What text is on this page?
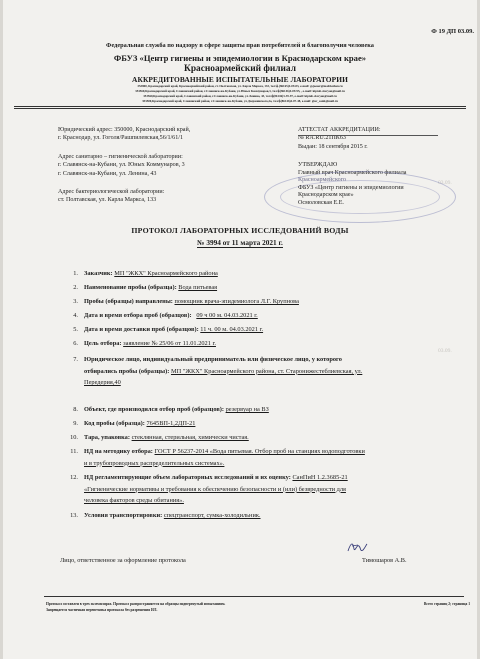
03.09.
03.09.
Ф 19 ДП 03.09.
Федеральная служба по надзору в сфере защиты прав потребителей и благополучия человека
ФБУЗ «Центр гигиены и эпидемиологии в Краснодарском крае»
Красноармейский филиал
АККРЕДИТОВАННЫЕ ИСПЫТАТЕЛЬНЫЕ ЛАБОРАТОРИИ
353800, Краснодарский край, Красноармейский район, ст. Полтавская, ул. Карла Маркса, 133, тел/ф.(86165)4-09-83, e-mail: gsjaeser@mail.kuban.ru
353560,Краснодарский край, Славянский район, г.Славянск-на-Кубани, ул.Юных Коммунаров,3, тел/ф(86146)4-09-95, , e-mail: kiptab-slavyan@mail.ru
353560,Краснодарский край, Славянский район, г.Славянск-на-Кубани, ул.Ленина, 43, тел/ф(86146)3-39-97, e-mail: kiptab-slavyan@mail.ru
353500,Краснодарский край, Славянский район, г.Славянск-на-Кубани, ул.Дзержинского,2а, тел/ф(86146)4-07-48, e-mail: glav_sanit@mail.ru
Юридический адрес: 350000, Краснодарский край,
г. Краснодар, ул. Гоголя/Рашпилевская,56/1/61/1
Адрес санитарно – гигиенической лаборатории:
г. Славянск-на-Кубани, ул. Юных Коммунаров, 3
г. Славянск-на-Кубани, ул. Ленина, 43
Адрес бактериологической лаборатории:
ст. Полтавская, ул. Карла Маркса, 133
АТТЕСТАТ АККРЕДИТАЦИИ:
№ RA.RU.21ПК63
Выдан: 18 сентября 2015 г.
УТВЕРЖДАЮ
Главный врач Красноармейского филиала
Красноармейского
ФБУЗ «Центр гигиены и эпидемиологии
Краснодарском крае»
Осмоловская Е.Е.
ПРОТОКОЛ ЛАБОРАТОРНЫХ ИССЛЕДОВАНИЙ ВОДЫ
№ 3994 от 11 марта 2021 г.
1. Заказчик: МП "ЖКХ" Красноармейского района
2. Наименование пробы (образца): Вода питьевая
3. Пробы (образцы) направлены: помощник врача-эпидемиолога Л.Г. Крупнова
4. Дата и время отбора проб (образцов): 09 ч 00 м. 04.03.2021 г.
5. Дата и время доставки проб (образцов): 11 ч. 00 м. 04.03.2021 г.
6. Цель отбора: заявление № 25/06 от 11.01.2021 г.
7. Юридическое лицо, индивидуальный предприниматель или физическое лицо, у которого
отбирались пробы (образцы): МП "ЖКХ" Красноармейского района, ст. Старонижестеблиевская, ул.
Передерия,40
8. Объект, где производился отбор проб (образцов): резервуар на ВЗ
9. Код пробы (образца): 7645ВП-1,2ДП-21
10. Тара, упаковка: стеклянная, стерильная, химически чистая.
11. НД на методику отбора: ГОСТ Р 56237-2014 «Вода питьевая. Отбор проб на станциях водоподготовки
и в трубопроводных распределительных системах».
12. НД регламентирующие объем лабораторных исследований и их оценку: СанПиН 1.2.3685-21
«Гигиенические нормативы и требования к обеспечению безопасности и (или) безвредности для
человека факторов среды обитания».
13. Условия транспортировки: спецтранспорт, сумка-холодильник.
Лицо, ответственное за оформление протокола	Тимошаров А.В.
Протокол составлен в трех экземплярах. Протокол распространяется на образцы подвергнутый испытаниям.
Запрещается частичная перепечатка протокола без разрешения ИЛ.
Всего страниц 2; страница 1
